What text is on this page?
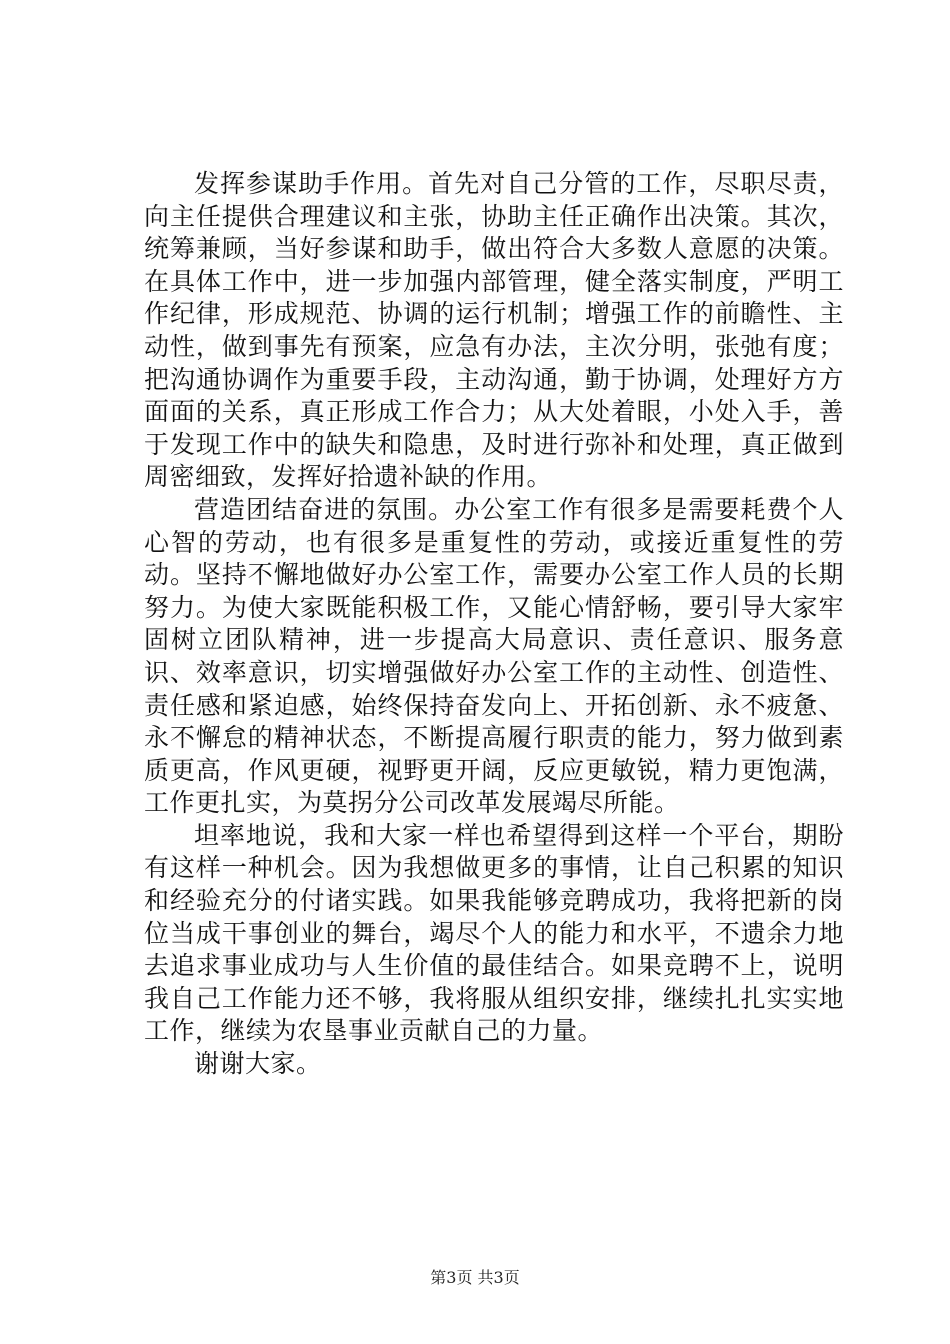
发挥参谋助手作用。首先对自己分管的工作，尽职尽责，向主任提供合理建议和主张，协助主任正确作出决策。其次，统筹兼顾，当好参谋和助手，做出符合大多数人意愿的决策。在具体工作中，进一步加强内部管理，健全落实制度，严明工作纪律，形成规范、协调的运行机制；增强工作的前瞻性、主动性，做到事先有预案，应急有办法，主次分明，张弛有度；把沟通协调作为重要手段，主动沟通，勤于协调，处理好方方面面的关系，真正形成工作合力；从大处着眼，小处入手，善于发现工作中的缺失和隐患，及时进行弥补和处理，真正做到周密细致，发挥好拾遗补缺的作用。

营造团结奋进的氛围。办公室工作有很多是需要耗费个人心智的劳动，也有很多是重复性的劳动，或接近重复性的劳动。坚持不懈地做好办公室工作，需要办公室工作人员的长期努力。为使大家既能积极工作，又能心情舒畅，要引导大家牢固树立团队精神，进一步提高大局意识、责任意识、服务意识、效率意识，切实增强做好办公室工作的主动性、创造性、责任感和紧迫感，始终保持奋发向上、开拓创新、永不疲惫、永不懈怠的精神状态，不断提高履行职责的能力，努力做到素质更高，作风更硬，视野更开阔，反应更敏锐，精力更饱满，工作更扎实，为莫拐分公司改革发展竭尽所能。

坦率地说，我和大家一样也希望得到这样一个平台，期盼有这样一种机会。因为我想做更多的事情，让自己积累的知识和经验充分的付诸实践。如果我能够竞聘成功，我将把新的岗位当成干事创业的舞台，竭尽个人的能力和水平，不遗余力地去追求事业成功与人生价值的最佳结合。如果竞聘不上，说明我自己工作能力还不够，我将服从组织安排，继续扎扎实实地工作，继续为农垦事业贡献自己的力量。

谢谢大家。

第3页 共3页
